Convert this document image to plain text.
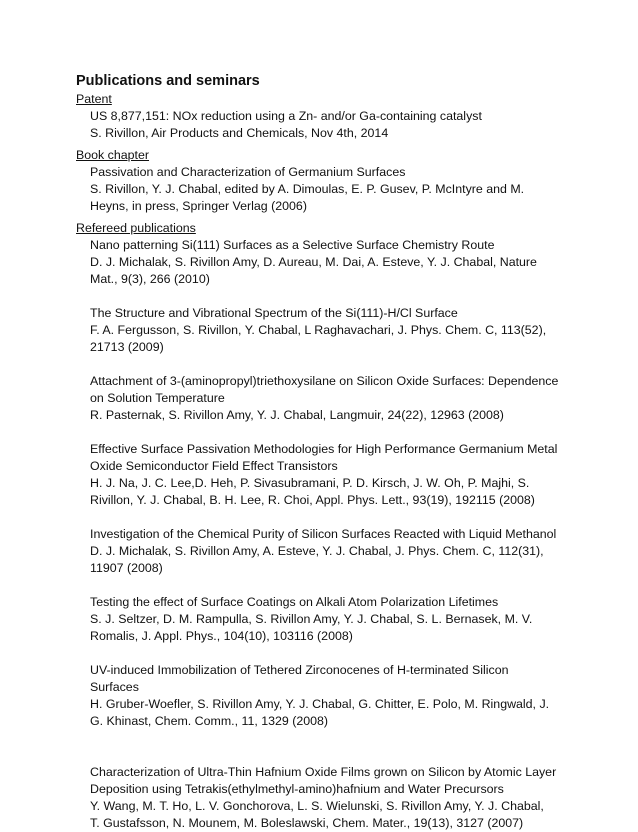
Publications and seminars
Patent
US 8,877,151: NOx reduction using a Zn- and/or Ga-containing catalyst
S. Rivillon, Air Products and Chemicals, Nov 4th, 2014
Book chapter
Passivation and Characterization of Germanium Surfaces
S. Rivillon, Y. J. Chabal, edited by A. Dimoulas, E. P. Gusev, P. McIntyre and M.
Heyns, in press, Springer Verlag (2006)
Refereed publications
Nano patterning Si(111) Surfaces as a Selective Surface Chemistry Route
D. J. Michalak, S. Rivillon Amy, D. Aureau, M. Dai, A. Esteve, Y. J. Chabal, Nature
Mat., 9(3), 266 (2010)
The Structure and Vibrational Spectrum of the Si(111)-H/Cl Surface
F. A. Fergusson, S. Rivillon, Y. Chabal, L Raghavachari, J. Phys. Chem. C, 113(52),
21713 (2009)
Attachment of 3-(aminopropyl)triethoxysilane on Silicon Oxide Surfaces: Dependence
on Solution Temperature
R. Pasternak, S. Rivillon Amy, Y. J. Chabal, Langmuir, 24(22), 12963 (2008)
Effective Surface Passivation Methodologies for High Performance Germanium Metal
Oxide Semiconductor Field Effect Transistors
H. J. Na, J. C. Lee,D. Heh, P. Sivasubramani, P. D. Kirsch, J. W. Oh, P. Majhi, S.
Rivillon, Y. J. Chabal, B. H. Lee, R. Choi, Appl. Phys. Lett., 93(19), 192115 (2008)
Investigation of the Chemical Purity of Silicon Surfaces Reacted with Liquid Methanol
D. J. Michalak, S. Rivillon Amy, A. Esteve, Y. J. Chabal, J. Phys. Chem. C, 112(31),
11907 (2008)
Testing the effect of Surface Coatings on Alkali Atom Polarization Lifetimes
S. J. Seltzer, D. M. Rampulla, S. Rivillon Amy, Y. J. Chabal, S. L. Bernasek, M. V.
Romalis, J. Appl. Phys., 104(10), 103116 (2008)
UV-induced Immobilization of Tethered Zirconocenes of H-terminated Silicon
Surfaces
H. Gruber-Woefler, S. Rivillon Amy, Y. J. Chabal, G. Chitter, E. Polo, M. Ringwald, J.
G. Khinast, Chem. Comm., 11, 1329 (2008)
Characterization of Ultra-Thin Hafnium Oxide Films grown on Silicon by Atomic Layer
Deposition using Tetrakis(ethylmethyl-amino)hafnium and Water Precursors
Y. Wang, M. T. Ho, L. V. Gonchorova, L. S. Wielunski, S. Rivillon Amy, Y. J. Chabal,
T. Gustafsson, N. Mounem, M. Boleslawski, Chem. Mater., 19(13), 3127 (2007)
